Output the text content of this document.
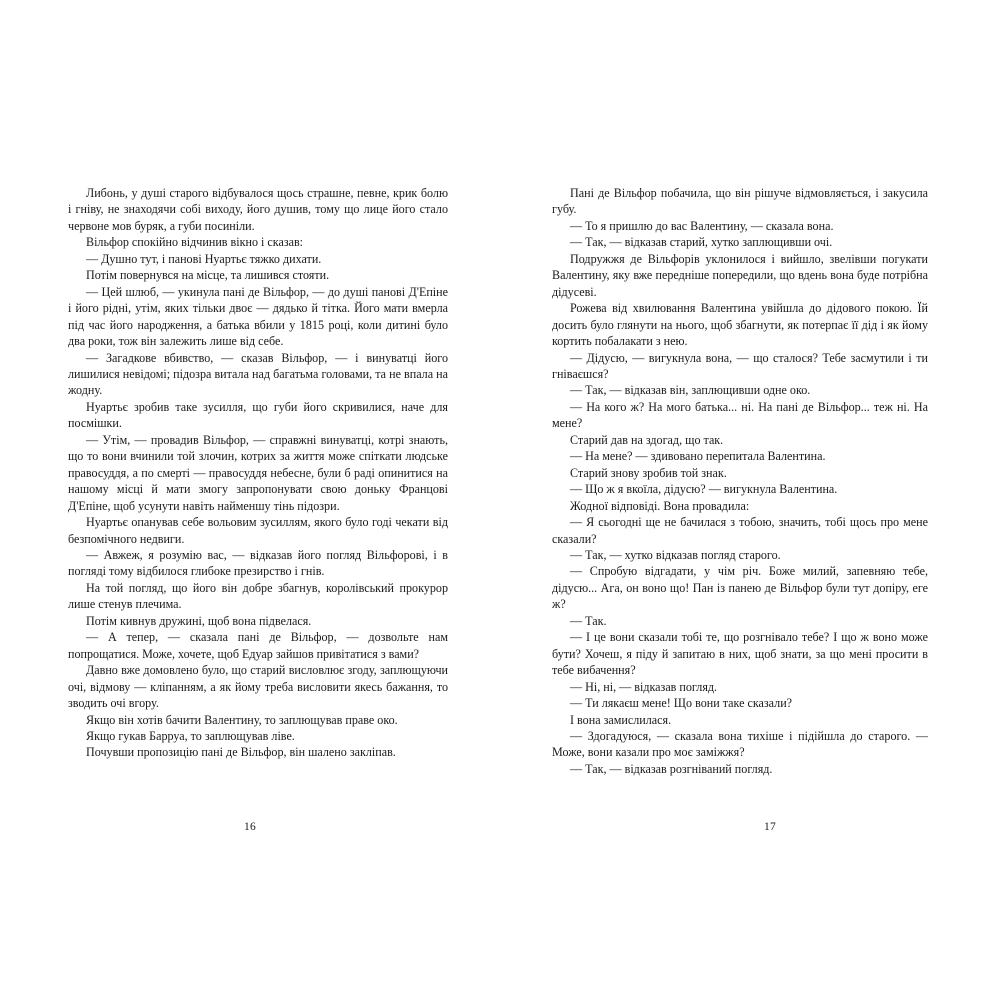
Либонь, у душі старого відбувалося щось страшне, певне, крик болю і гніву, не знаходячи собі виходу, його душив, тому що лице його стало червоне мов буряк, а губи посиніли.

Вільфор спокійно відчинив вікно і сказав:

— Душно тут, і панові Нуартьє тяжко дихати.

Потім повернувся на місце, та лишився стояти.

— Цей шлюб, — укинула пані де Вільфор, — до душі панові Д'Епіне і його рідні, утім, яких тільки двоє — дядько й тітка. Його мати вмерла під час його народження, а батька вбили у 1815 році, коли дитині було два роки, тож він залежить лише від себе.

— Загадкове вбивство, — сказав Вільфор, — і винуватці його лишилися невідомі; підозра витала над багатьма головами, та не впала на жодну.

Нуартьє зробив таке зусилля, що губи його скривилися, наче для посмішки.

— Утім, — провадив Вільфор, — справжні винуватці, котрі знають, що то вони вчинили той злочин, котрих за життя може спіткати людське правосуддя, а по смерті — правосуддя небесне, були б раді опинитися на нашому місці й мати змогу запропонувати свою доньку Францові Д'Епіне, щоб усунути навіть найменшу тінь підозри.

Нуартьє опанував себе вольовим зусиллям, якого було годі чекати від безпомічного недвиги.

— Авжеж, я розумію вас, — відказав його погляд Вільфорові, і в погляді тому відбилося глибоке презирство і гнів.

На той погляд, що його він добре збагнув, королівський прокурор лише стенув плечима.

Потім кивнув дружині, щоб вона підвелася.

— А тепер, — сказала пані де Вільфор, — дозвольте нам попрощатися. Може, хочете, щоб Едуар зайшов привітатися з вами?

Давно вже домовлено було, що старий висловлює згоду, заплющуючи очі, відмову — кліпанням, а як йому треба висловити якесь бажання, то зводить очі вгору.

Якщо він хотів бачити Валентину, то заплющував праве око.

Якщо гукав Барруа, то заплющував ліве.

Почувши пропозицію пані де Вільфор, він шалено закліпав.

16

Пані де Вільфор побачила, що він рішуче відмовляється, і закусила губу.

— То я пришлю до вас Валентину, — сказала вона.

— Так, — відказав старий, хутко заплющивши очі.

Подружжя де Вільфорів уклонилося і вийшло, звелівши погукати Валентину, яку вже передніше попередили, що вдень вона буде потрібна дідусеві.

Рожева від хвилювання Валентина увійшла до дідового покою. Їй досить було глянути на нього, щоб збагнути, як потерпає її дід і як йому кортить побалакати з нею.

— Дідусю, — вигукнула вона, — що сталося? Тебе засмутили і ти гніваєшся?

— Так, — відказав він, заплющивши одне око.

— На кого ж? На мого батька... ні. На пані де Вільфор... теж ні. На мене?

Старий дав на здогад, що так.

— На мене? — здивовано перепитала Валентина.

Старий знову зробив той знак.

— Що ж я вкоїла, дідусю? — вигукнула Валентина.

Жодної відповіді. Вона провадила:

— Я сьогодні ще не бачилася з тобою, значить, тобі щось про мене сказали?

— Так, — хутко відказав погляд старого.

— Спробую відгадати, у чім річ. Боже милий, запевняю тебе, дідусю... Ага, он воно що! Пан із панею де Вільфор були тут допіру, еге ж?

— Так.

— І це вони сказали тобі те, що розгнівало тебе? І що ж воно може бути? Хочеш, я піду й запитаю в них, щоб знати, за що мені просити в тебе вибачення?

— Ні, ні, — відказав погляд.

— Ти лякаєш мене! Що вони таке сказали?

І вона замислилася.

— Здогадуюся, — сказала вона тихіше і підійшла до старого. — Може, вони казали про моє заміжжя?

— Так, — відказав розгніваний погляд.

17
